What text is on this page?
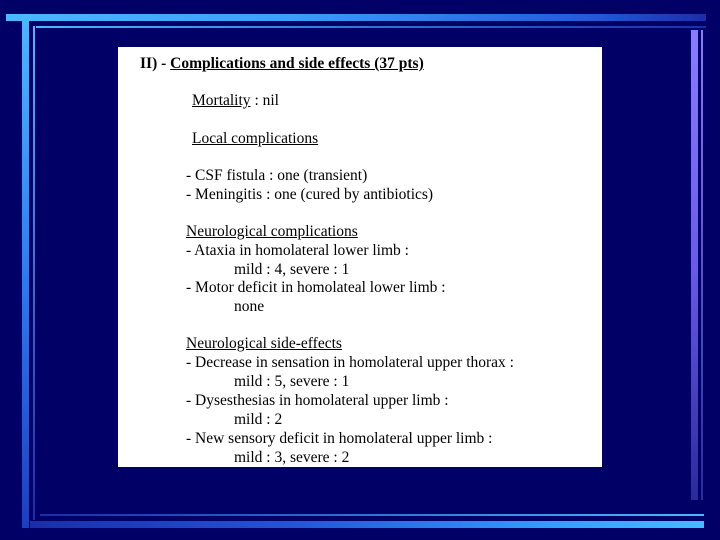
II) - Complications and side effects (37 pts)
Mortality : nil
Local complications
- CSF fistula : one (transient)
- Meningitis : one (cured by antibiotics)
Neurological complications
- Ataxia in homolateral lower limb :
mild : 4, severe : 1
- Motor deficit in homolateal lower limb :
none
Neurological side-effects
- Decrease in sensation in homolateral upper thorax :
mild : 5, severe : 1
- Dysesthesias in homolateral upper limb :
mild : 2
- New sensory deficit in homolateral upper limb :
mild : 3, severe : 2
